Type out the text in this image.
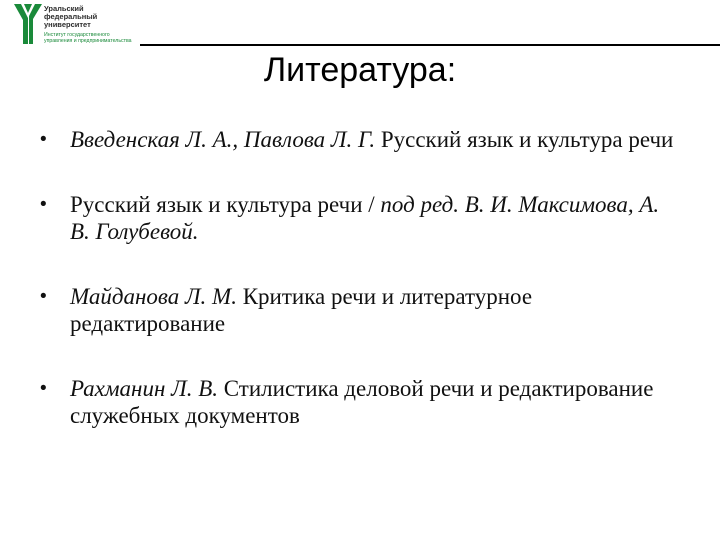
Уральский
федеральный
университет
Институт государственного
управления и предпринимательства
Литература:
• Введенская Л. А., Павлова Л. Г. Русский язык и культура речи
• Русский язык и культура речи / под ред. В. И. Максимова, А. В. Голубевой.
• Майданова Л. М. Критика речи и литературное редактирование
• Рахманин Л. В. Стилистика деловой речи и редактирование служебных документов
